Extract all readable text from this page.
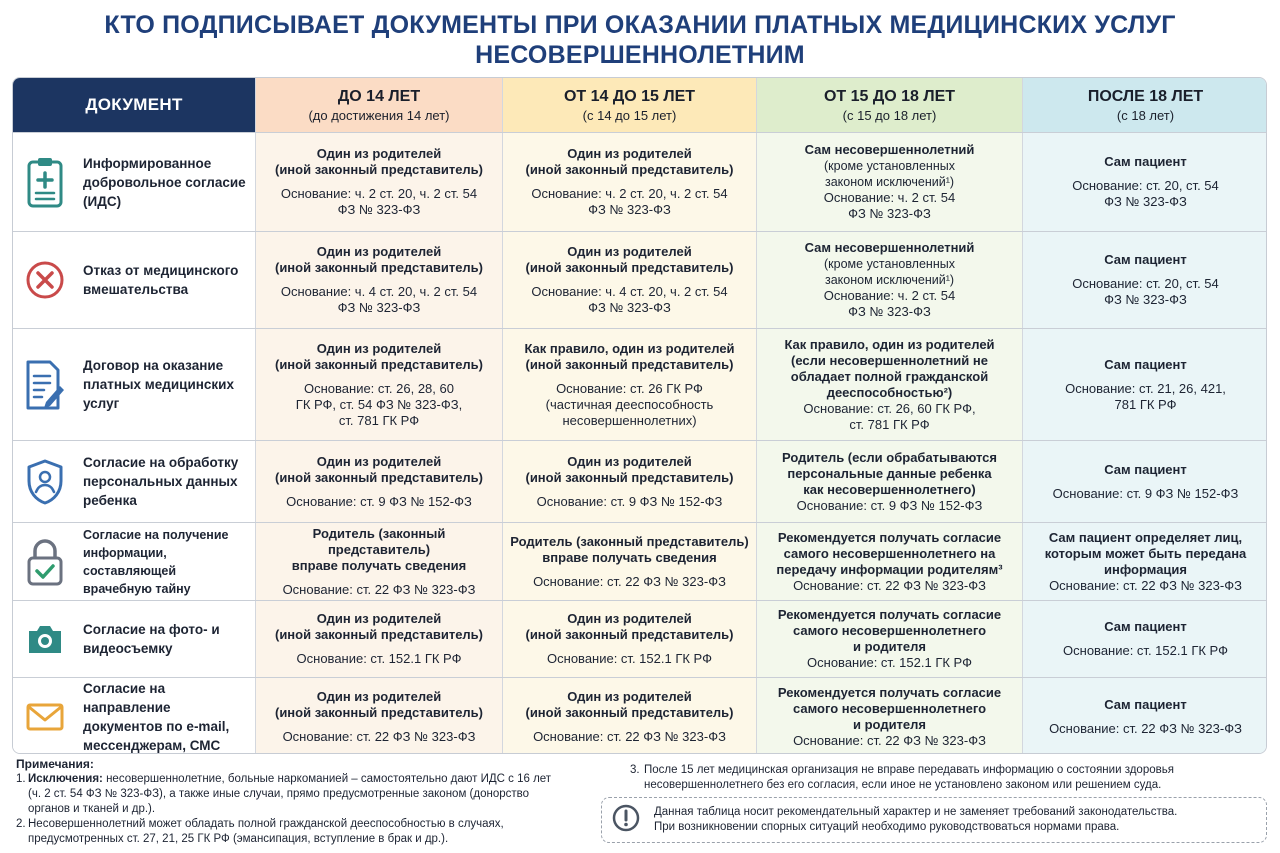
КТО ПОДПИСЫВАЕТ ДОКУМЕНТЫ ПРИ ОКАЗАНИИ ПЛАТНЫХ МЕДИЦИНСКИХ УСЛУГ
НЕСОВЕРШЕННОЛЕТНИМ
ДОКУМЕНТ	ДО 14 ЛЕТ
(до достижения 14 лет)
ОТ 14 ДО 15 ЛЕТ
(с 14 до 15 лет)
ОТ 15 ДО 18 ЛЕТ
(с 15 до 18 лет)
ПОСЛЕ 18 ЛЕТ
(с 18 лет)
Информированное добровольное согласие (ИДС)
Один из родителей
(иной законный представитель)
Основание: ч. 2 ст. 20, ч. 2 ст. 54
ФЗ № 323-ФЗ
Один из родителей
(иной законный представитель)
Основание: ч. 2 ст. 20, ч. 2 ст. 54
ФЗ № 323-ФЗ
Сам несовершеннолетний
(кроме установленных
законом исключений¹)
Основание: ч. 2 ст. 54
ФЗ № 323-ФЗ
Сам пациент
Основание: ст. 20, ст. 54
ФЗ № 323-ФЗ
Отказ от медицинского вмешательства
Один из родителей
(иной законный представитель)
Основание: ч. 4 ст. 20, ч. 2 ст. 54
ФЗ № 323-ФЗ
Один из родителей
(иной законный представитель)
Основание: ч. 4 ст. 20, ч. 2 ст. 54
ФЗ № 323-ФЗ
Сам несовершеннолетний
(кроме установленных
законом исключений¹)
Основание: ч. 2 ст. 54
ФЗ № 323-ФЗ
Сам пациент
Основание: ст. 20, ст. 54
ФЗ № 323-ФЗ
Договор на оказание платных медицинских услуг
Один из родителей
(иной законный представитель)
Основание: ст. 26, 28, 60
ГК РФ, ст. 54 ФЗ № 323-ФЗ,
ст. 781 ГК РФ
Как правило, один из родителей
(иной законный представитель)
Основание: ст. 26 ГК РФ
(частичная дееспособность
несовершеннолетних)
Как правило, один из родителей
(если несовершеннолетний не
обладает полной гражданской
дееспособностью²)
Основание: ст. 26, 60 ГК РФ,
ст. 781 ГК РФ
Сам пациент
Основание: ст. 21, 26, 421,
781 ГК РФ
Согласие на обработку персональных данных ребенка
Один из родителей
(иной законный представитель)
Основание: ст. 9 ФЗ № 152-ФЗ
Один из родителей
(иной законный представитель)
Основание: ст. 9 ФЗ № 152-ФЗ
Родитель (если обрабатываются
персональные данные ребенка
как несовершеннолетнего)
Основание: ст. 9 ФЗ № 152-ФЗ
Сам пациент
Основание: ст. 9 ФЗ № 152-ФЗ
Согласие на получение информации, составляющей врачебную тайну
Родитель (законный представитель)
вправе получать сведения
Основание: ст. 22 ФЗ № 323-ФЗ
Родитель (законный представитель)
вправе получать сведения
Основание: ст. 22 ФЗ № 323-ФЗ
Рекомендуется получать согласие
самого несовершеннолетнего на
передачу информации родителям³
Основание: ст. 22 ФЗ № 323-ФЗ
Сам пациент определяет лиц,
которым может быть передана
информация
Основание: ст. 22 ФЗ № 323-ФЗ
Согласие на фото- и видеосъемку
Один из родителей
(иной законный представитель)
Основание: ст. 152.1 ГК РФ
Один из родителей
(иной законный представитель)
Основание: ст. 152.1 ГК РФ
Рекомендуется получать согласие
самого несовершеннолетнего
и родителя
Основание: ст. 152.1 ГК РФ
Сам пациент
Основание: ст. 152.1 ГК РФ
Согласие на направление документов по e-mail, мессенджерам, СМС
Один из родителей
(иной законный представитель)
Основание: ст. 22 ФЗ № 323-ФЗ
Один из родителей
(иной законный представитель)
Основание: ст. 22 ФЗ № 323-ФЗ
Рекомендуется получать согласие
самого несовершеннолетнего
и родителя
Основание: ст. 22 ФЗ № 323-ФЗ
Сам пациент
Основание: ст. 22 ФЗ № 323-ФЗ
Примечания:
1. Исключения: несовершеннолетние, больные наркоманией – самостоятельно дают ИДС с 16 лет
(ч. 2 ст. 54 ФЗ № 323-ФЗ), а также иные случаи, прямо предусмотренные законом (донорство
органов и тканей и др.).
2. Несовершеннолетний может обладать полной гражданской дееспособностью в случаях,
предусмотренных ст. 27, 21, 25 ГК РФ (эмансипация, вступление в брак и др.).
3. После 15 лет медицинская организация не вправе передавать информацию о состоянии здоровья
несовершеннолетнего без его согласия, если иное не установлено законом или решением суда.
Данная таблица носит рекомендательный характер и не заменяет требований законодательства.
При возникновении спорных ситуаций необходимо руководствоваться нормами права.
